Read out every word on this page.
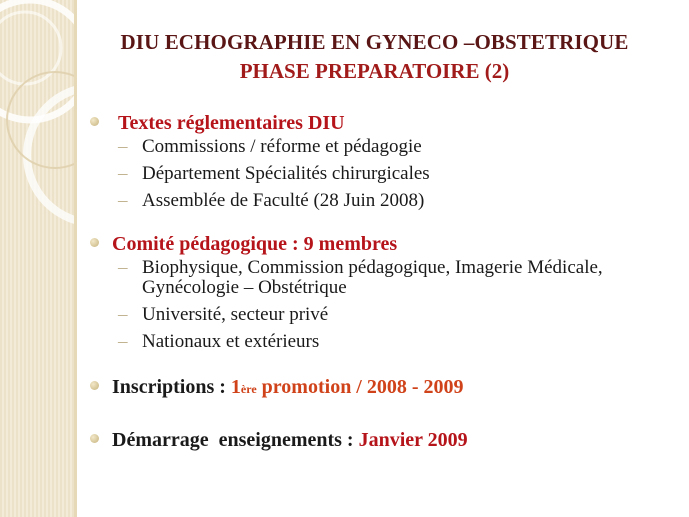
DIU ECHOGRAPHIE EN GYNECO –OBSTETRIQUE
PHASE PREPARATOIRE (2)
Textes réglementaires DIU
– Commissions / réforme et pédagogie
– Département Spécialités chirurgicales
– Assemblée de Faculté (28 Juin 2008)
Comité pédagogique : 9 membres
– Biophysique, Commission pédagogique, Imagerie Médicale, Gynécologie – Obstétrique
– Université, secteur privé
– Nationaux et extérieurs
Inscriptions : 1 ère promotion / 2008 - 2009
Démarrage  enseignements : Janvier 2009
